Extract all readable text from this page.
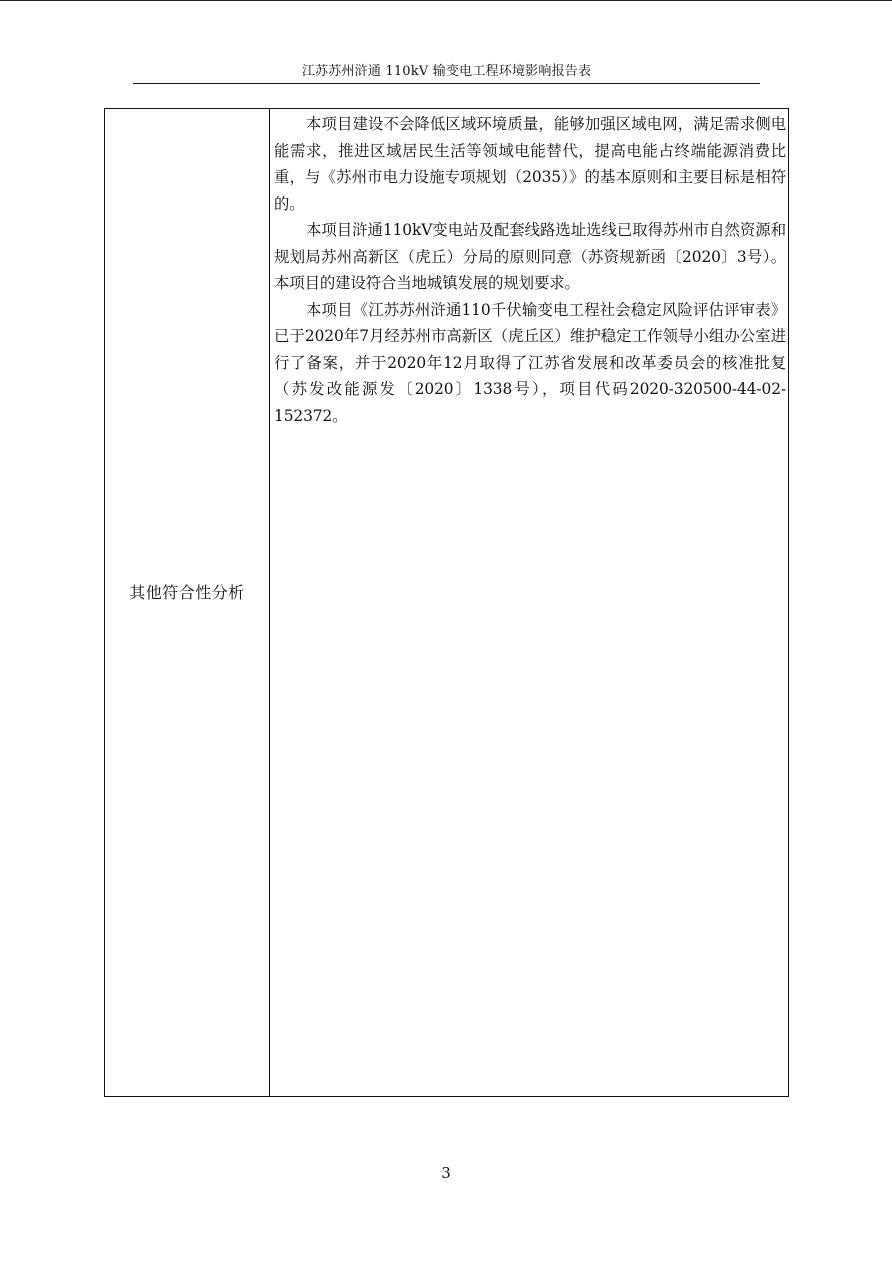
江苏苏州浒通 110kV 输变电工程环境影响报告表
其他符合性分析

本项目建设不会降低区域环境质量，能够加强区域电网，满足需求侧电能需求，推进区域居民生活等领域电能替代，提高电能占终端能源消费比重，与《苏州市电力设施专项规划（2035）》的基本原则和主要目标是相符的。

本项目浒通110kV变电站及配套线路选址选线已取得苏州市自然资源和规划局苏州高新区（虎丘）分局的原则同意（苏资规新函〔2020〕3号）。本项目的建设符合当地城镇发展的规划要求。

本项目《江苏苏州浒通110千伏输变电工程社会稳定风险评估评审表》已于2020年7月经苏州市高新区（虎丘区）维护稳定工作领导小组办公室进行了备案，并于2020年12月取得了江苏省发展和改革委员会的核准批复（苏发改能源发〔2020〕1338号），项目代码2020-320500-44-02-152372。

3
